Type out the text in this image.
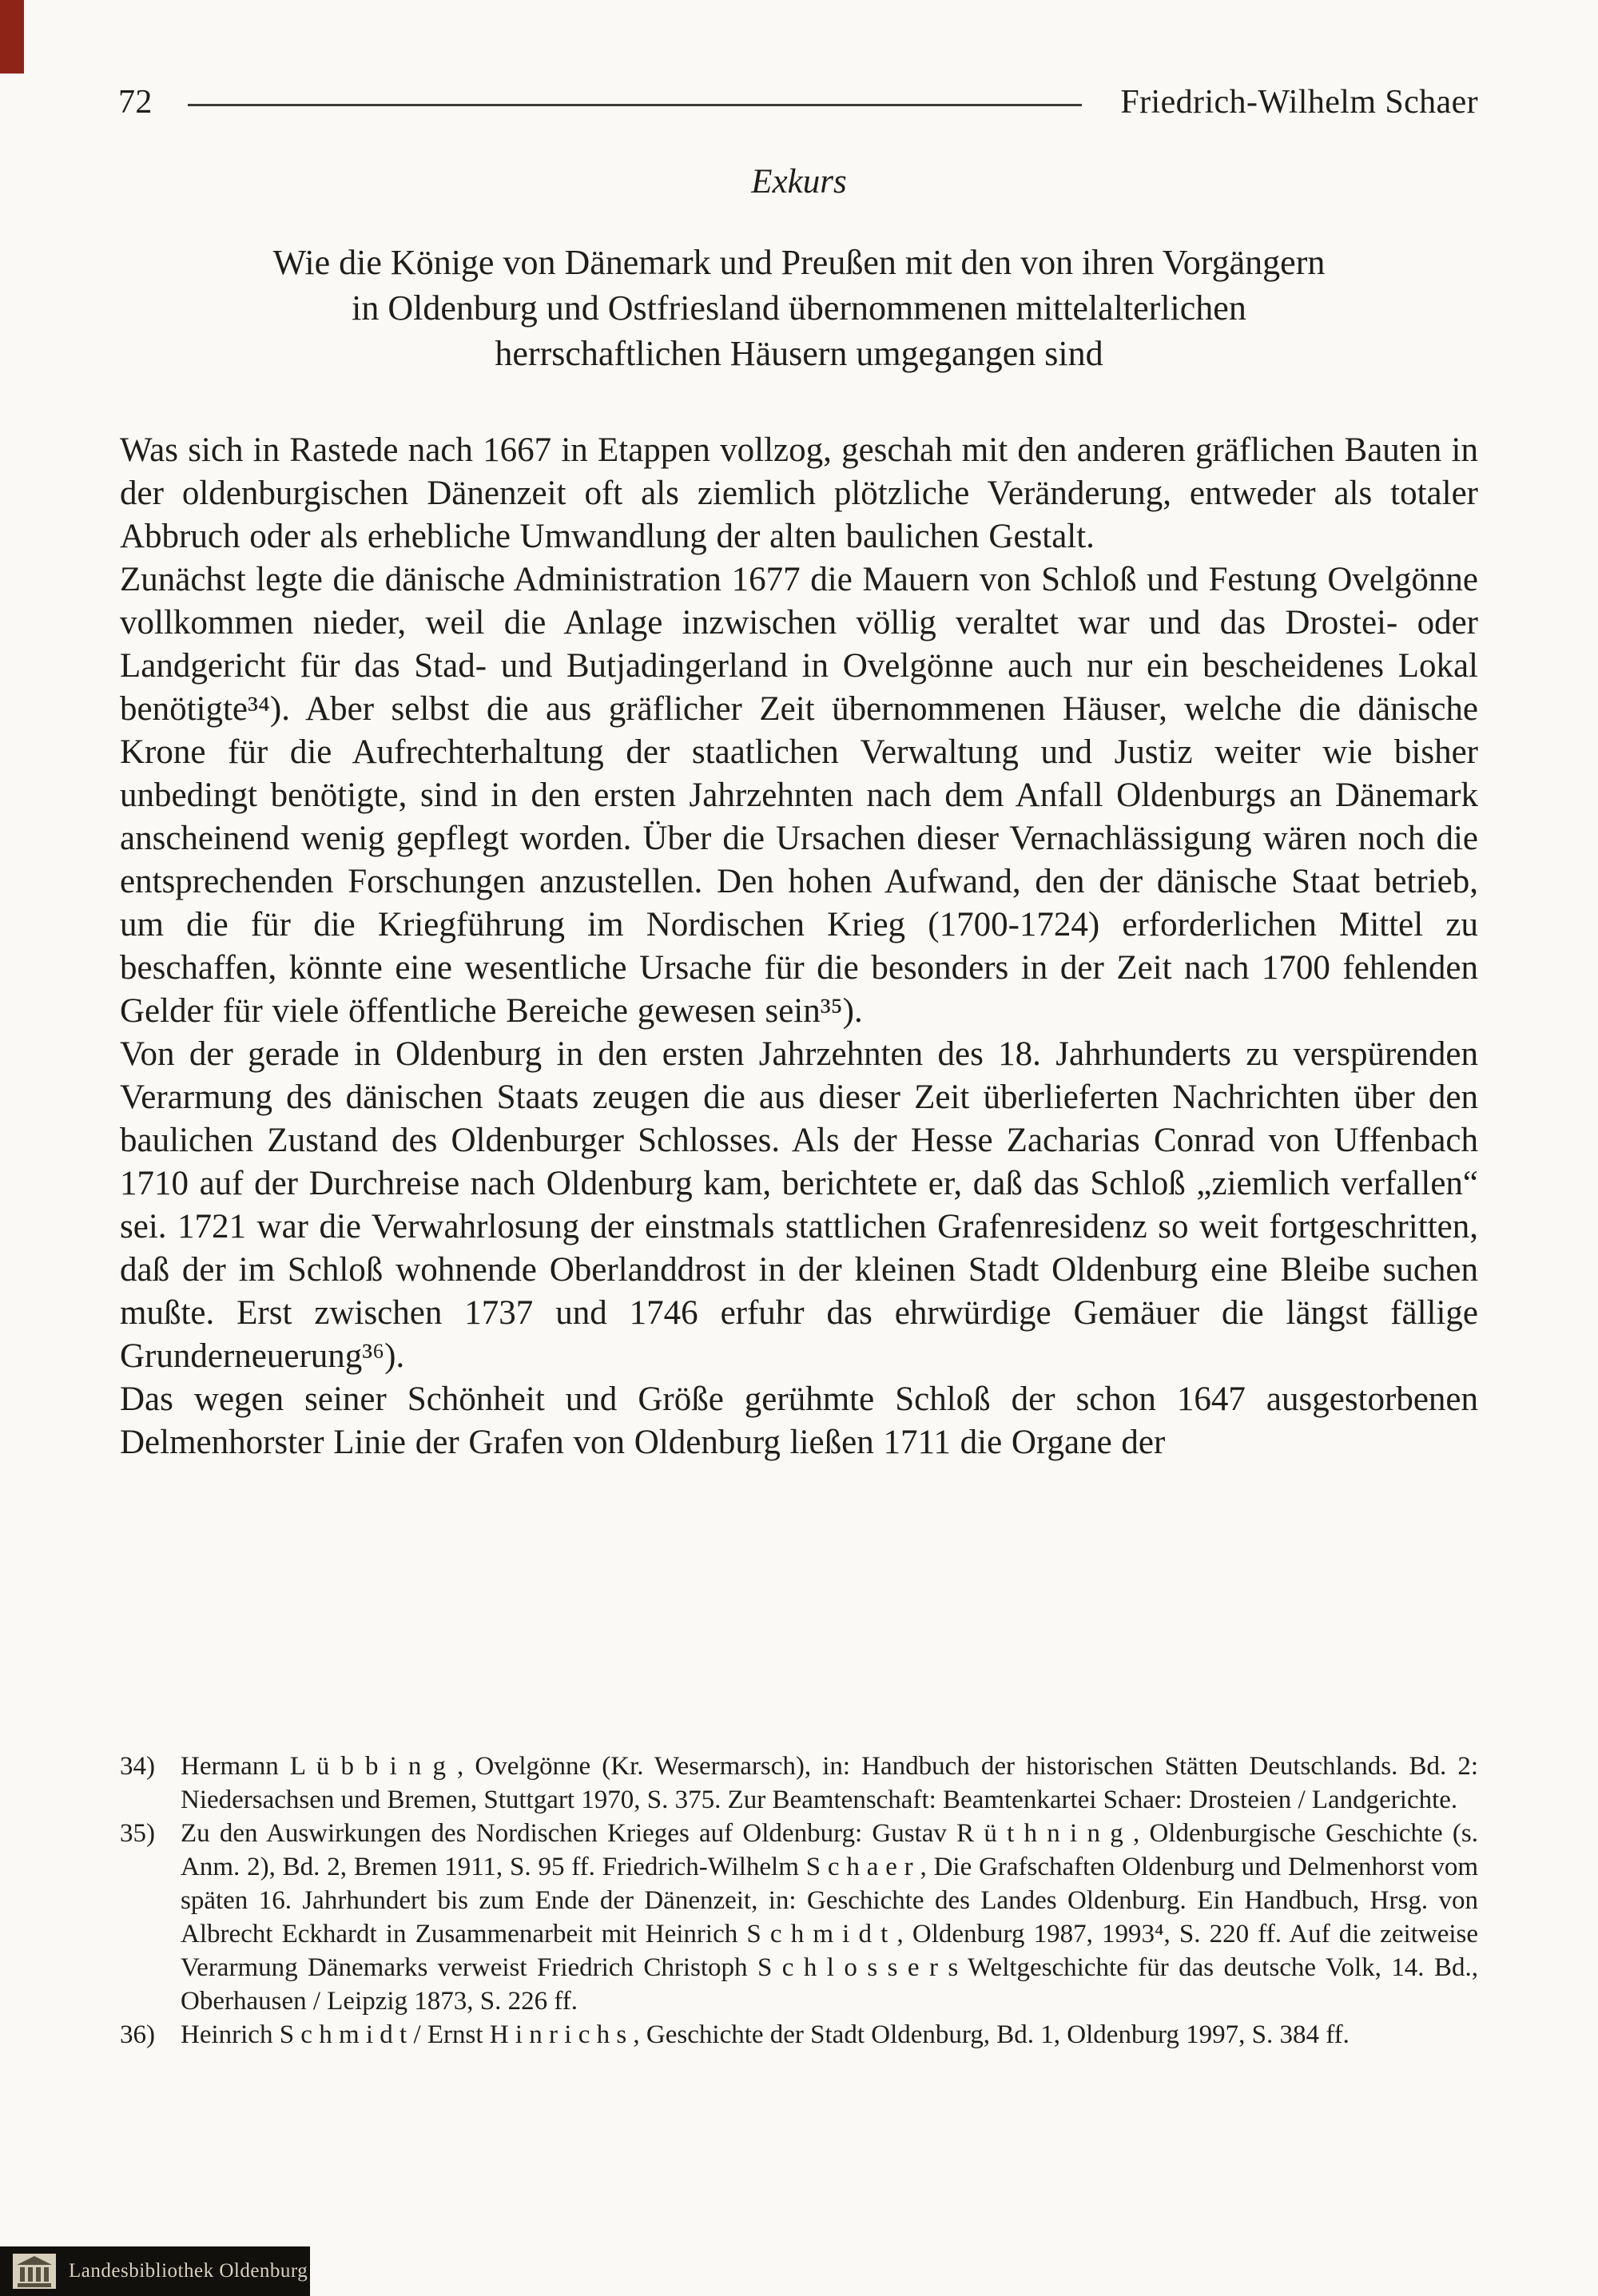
72	Friedrich-Wilhelm Schaer
Exkurs
Wie die Könige von Dänemark und Preußen mit den von ihren Vorgängern
in Oldenburg und Ostfriesland übernommenen mittelalterlichen
herrschaftlichen Häusern umgegangen sind

Was sich in Rastede nach 1667 in Etappen vollzog, geschah mit den anderen gräflichen Bauten in der oldenburgischen Dänenzeit oft als ziemlich plötzliche Veränderung, entweder als totaler Abbruch oder als erhebliche Umwandlung der alten baulichen Gestalt.

Zunächst legte die dänische Administration 1677 die Mauern von Schloß und Festung Ovelgönne vollkommen nieder, weil die Anlage inzwischen völlig veraltet war und das Drostei- oder Landgericht für das Stad- und Butjadingerland in Ovelgönne auch nur ein bescheidenes Lokal benötigte³⁴). Aber selbst die aus gräflicher Zeit übernommenen Häuser, welche die dänische Krone für die Aufrechterhaltung der staatlichen Verwaltung und Justiz weiter wie bisher unbedingt benötigte, sind in den ersten Jahrzehnten nach dem Anfall Oldenburgs an Dänemark anscheinend wenig gepflegt worden. Über die Ursachen dieser Vernachlässigung wären noch die entsprechenden Forschungen anzustellen. Den hohen Aufwand, den der dänische Staat betrieb, um die für die Kriegführung im Nordischen Krieg (1700-1724) erforderlichen Mittel zu beschaffen, könnte eine wesentliche Ursache für die besonders in der Zeit nach 1700 fehlenden Gelder für viele öffentliche Bereiche gewesen sein³⁵).

Von der gerade in Oldenburg in den ersten Jahrzehnten des 18. Jahrhunderts zu verspürenden Verarmung des dänischen Staats zeugen die aus dieser Zeit überlieferten Nachrichten über den baulichen Zustand des Oldenburger Schlosses. Als der Hesse Zacharias Conrad von Uffenbach 1710 auf der Durchreise nach Oldenburg kam, berichtete er, daß das Schloß „ziemlich verfallen“ sei. 1721 war die Verwahrlosung der einstmals stattlichen Grafenresidenz so weit fortgeschritten, daß der im Schloß wohnende Oberlanddrost in der kleinen Stadt Oldenburg eine Bleibe suchen mußte. Erst zwischen 1737 und 1746 erfuhr das ehrwürdige Gemäuer die längst fällige Grunderneuerung³⁶).

Das wegen seiner Schönheit und Größe gerühmte Schloß der schon 1647 ausgestorbenen Delmenhorster Linie der Grafen von Oldenburg ließen 1711 die Organe der

34) Hermann L ü b b i n g , Ovelgönne (Kr. Wesermarsch), in: Handbuch der historischen Stätten Deutschlands. Bd. 2: Niedersachsen und Bremen, Stuttgart 1970, S. 375. Zur Beamtenschaft: Beamtenkartei Schaer: Drosteien / Landgerichte.
35) Zu den Auswirkungen des Nordischen Krieges auf Oldenburg: Gustav R ü t h n i n g , Oldenburgische Geschichte (s. Anm. 2), Bd. 2, Bremen 1911, S. 95 ff. Friedrich-Wilhelm S c h a e r , Die Grafschaften Oldenburg und Delmenhorst vom späten 16. Jahrhundert bis zum Ende der Dänenzeit, in: Geschichte des Landes Oldenburg. Ein Handbuch, Hrsg. von Albrecht Eckhardt in Zusammenarbeit mit Heinrich S c h m i d t , Oldenburg 1987, 1993⁴, S. 220 ff. Auf die zeitweise Verarmung Dänemarks verweist Friedrich Christoph S c h l o s s e r s Weltgeschichte für das deutsche Volk, 14. Bd., Oberhausen / Leipzig 1873, S. 226 ff.
36) Heinrich S c h m i d t / Ernst H i n r i c h s , Geschichte der Stadt Oldenburg, Bd. 1, Oldenburg 1997, S. 384 ff.
Landesbibliothek Oldenburg
